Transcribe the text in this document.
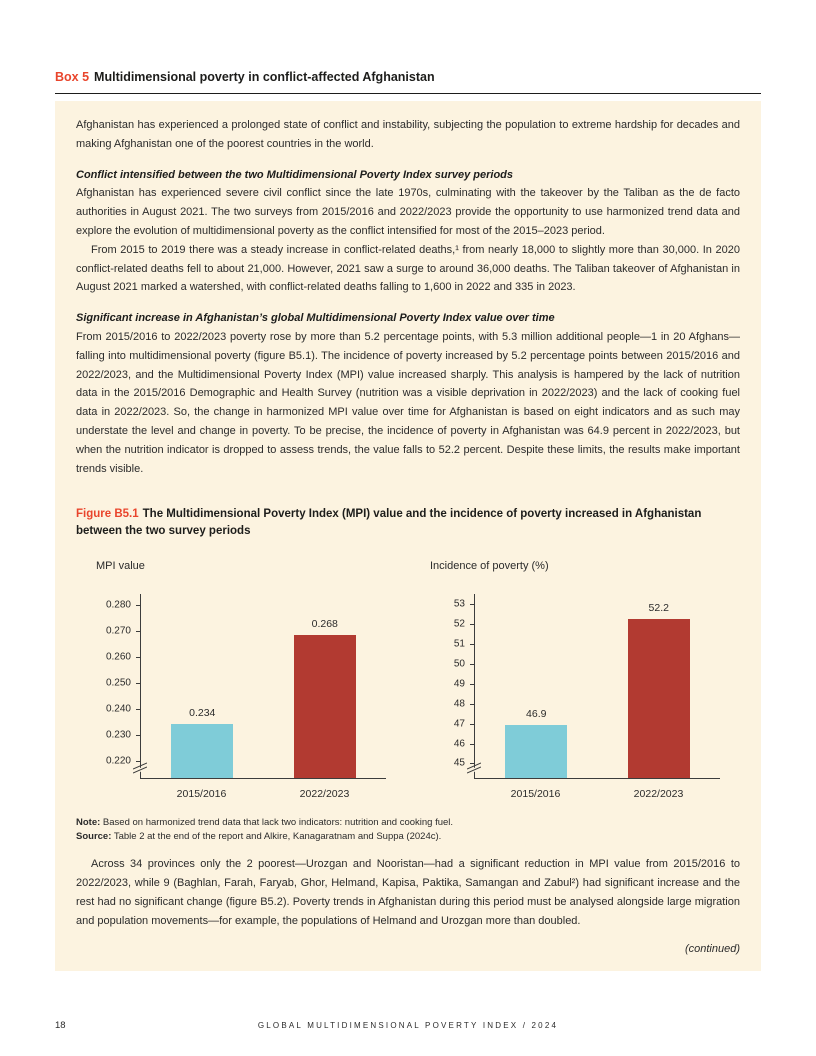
Box 5 Multidimensional poverty in conflict-affected Afghanistan

Afghanistan has experienced a prolonged state of conflict and instability, subjecting the population to extreme hardship for decades and making Afghanistan one of the poorest countries in the world.

Conflict intensified between the two Multidimensional Poverty Index survey periods

Afghanistan has experienced severe civil conflict since the late 1970s, culminating with the takeover by the Taliban as the de facto authorities in August 2021. The two surveys from 2015/2016 and 2022/2023 provide the opportunity to use harmonized trend data and explore the evolution of multidimensional poverty as the conflict intensified for most of the 2015–2023 period.

From 2015 to 2019 there was a steady increase in conflict-related deaths,¹ from nearly 18,000 to slightly more than 30,000. In 2020 conflict-related deaths fell to about 21,000. However, 2021 saw a surge to around 36,000 deaths. The Taliban takeover of Afghanistan in August 2021 marked a watershed, with conflict-related deaths falling to 1,600 in 2022 and 335 in 2023.

Significant increase in Afghanistan’s global Multidimensional Poverty Index value over time

From 2015/2016 to 2022/2023 poverty rose by more than 5.2 percentage points, with 5.3 million additional people—1 in 20 Afghans—falling into multidimensional poverty (figure B5.1). The incidence of poverty increased by 5.2 percentage points between 2015/2016 and 2022/2023, and the Multidimensional Poverty Index (MPI) value increased sharply. This analysis is hampered by the lack of nutrition data in the 2015/2016 Demographic and Health Survey (nutrition was a visible deprivation in 2022/2023) and the lack of cooking fuel data in 2022/2023. So, the change in harmonized MPI value over time for Afghanistan is based on eight indicators and as such may understate the level and change in poverty. To be precise, the incidence of poverty in Afghanistan was 64.9 percent in 2022/2023, but when the nutrition indicator is dropped to assess trends, the value falls to 52.2 percent. Despite these limits, the results make important trends visible.

Figure B5.1 The Multidimensional Poverty Index (MPI) value and the incidence of poverty increased in Afghanistan between the two survey periods

MPI value
0.220
0.230
0.240
0.250
0.260
0.270
0.280
0.234
0.268
2015/2016	2022/2023
Incidence of poverty (%)
45
46
47
48
49
50
51
52
53
46.9
52.2
2015/2016	2022/2023

Note: Based on harmonized trend data that lack two indicators: nutrition and cooking fuel.

Source: Table 2 at the end of the report and Alkire, Kanagaratnam and Suppa (2024c).

Across 34 provinces only the 2 poorest—Urozgan and Nooristan—had a significant reduction in MPI value from 2015/2016 to 2022/2023, while 9 (Baghlan, Farah, Faryab, Ghor, Helmand, Kapisa, Paktika, Samangan and Zabul²) had significant increase and the rest had no significant change (figure B5.2). Poverty trends in Afghanistan during this period must be analysed alongside large migration and population movements—for example, the populations of Helmand and Urozgan more than doubled.

(continued)

18	GLOBAL MULTIDIMENSIONAL POVERTY INDEX / 2024
